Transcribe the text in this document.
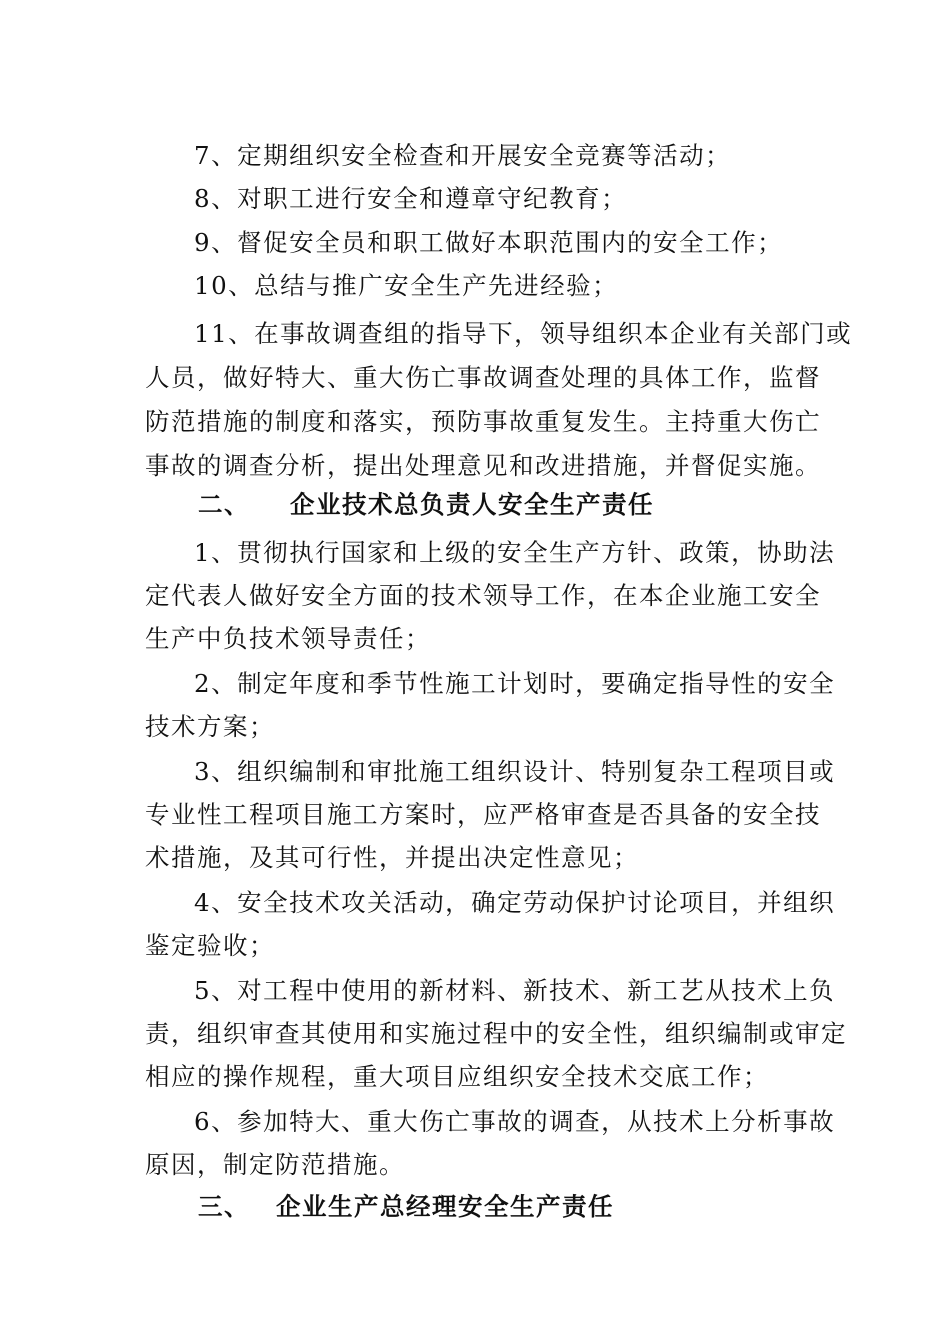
7、定期组织安全检查和开展安全竞赛等活动；
8、对职工进行安全和遵章守纪教育；
9、督促安全员和职工做好本职范围内的安全工作；
10、总结与推广安全生产先进经验；
11、在事故调查组的指导下，领导组织本企业有关部门或
人员，做好特大、重大伤亡事故调查处理的具体工作，监督
防范措施的制度和落实，预防事故重复发生。主持重大伤亡
事故的调查分析，提出处理意见和改进措施，并督促实施。
二、 企业技术总负责人安全生产责任
1、贯彻执行国家和上级的安全生产方针、政策，协助法
定代表人做好安全方面的技术领导工作，在本企业施工安全
生产中负技术领导责任；
2、制定年度和季节性施工计划时，要确定指导性的安全
技术方案；
3、组织编制和审批施工组织设计、特别复杂工程项目或
专业性工程项目施工方案时，应严格审查是否具备的安全技
术措施，及其可行性，并提出决定性意见；
4、安全技术攻关活动，确定劳动保护讨论项目，并组织
鉴定验收；
5、对工程中使用的新材料、新技术、新工艺从技术上负
责，组织审查其使用和实施过程中的安全性，组织编制或审定
相应的操作规程，重大项目应组织安全技术交底工作；
6、参加特大、重大伤亡事故的调查，从技术上分析事故
原因，制定防范措施。
三、 企业生产总经理安全生产责任
